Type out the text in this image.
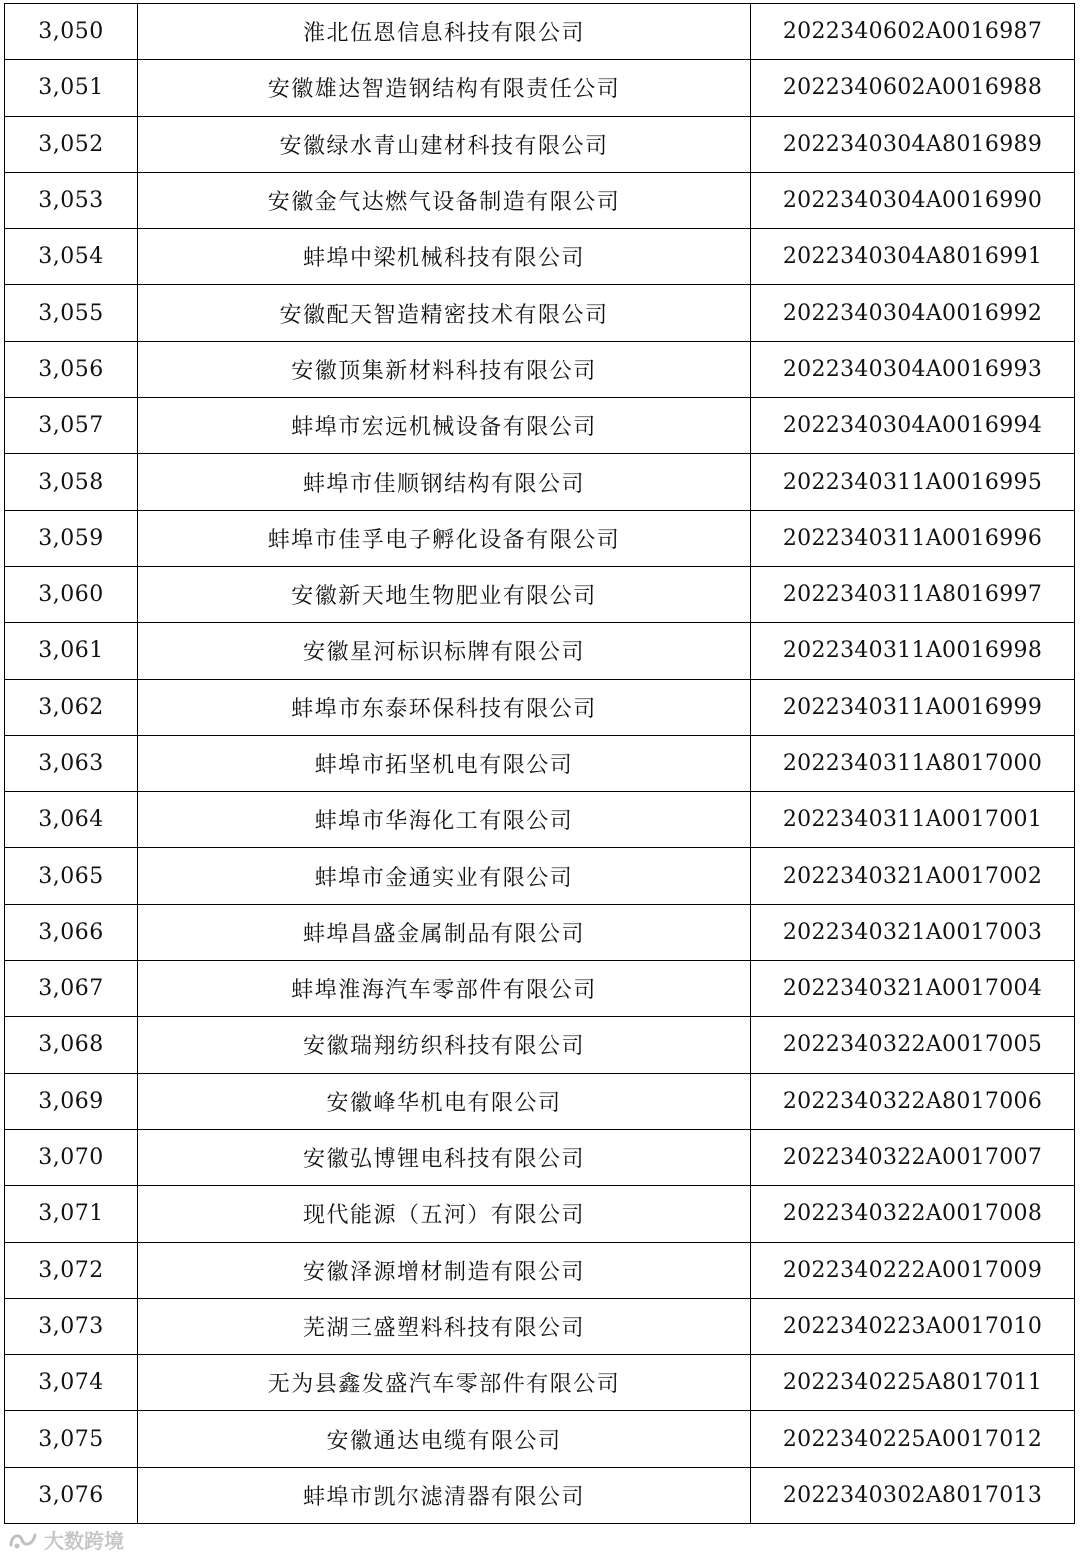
3,050	淮北伍恩信息科技有限公司	2022340602A0016987
3,051	安徽雄达智造钢结构有限责任公司	2022340602A0016988
3,052	安徽绿水青山建材科技有限公司	2022340304A8016989
3,053	安徽金气达燃气设备制造有限公司	2022340304A0016990
3,054	蚌埠中梁机械科技有限公司	2022340304A8016991
3,055	安徽配天智造精密技术有限公司	2022340304A0016992
3,056	安徽顶集新材料科技有限公司	2022340304A0016993
3,057	蚌埠市宏远机械设备有限公司	2022340304A0016994
3,058	蚌埠市佳顺钢结构有限公司	2022340311A0016995
3,059	蚌埠市佳孚电子孵化设备有限公司	2022340311A0016996
3,060	安徽新天地生物肥业有限公司	2022340311A8016997
3,061	安徽星河标识标牌有限公司	2022340311A0016998
3,062	蚌埠市东泰环保科技有限公司	2022340311A0016999
3,063	蚌埠市拓坚机电有限公司	2022340311A8017000
3,064	蚌埠市华海化工有限公司	2022340311A0017001
3,065	蚌埠市金通实业有限公司	2022340321A0017002
3,066	蚌埠昌盛金属制品有限公司	2022340321A0017003
3,067	蚌埠淮海汽车零部件有限公司	2022340321A0017004
3,068	安徽瑞翔纺织科技有限公司	2022340322A0017005
3,069	安徽峰华机电有限公司	2022340322A8017006
3,070	安徽弘博锂电科技有限公司	2022340322A0017007
3,071	现代能源（五河）有限公司	2022340322A0017008
3,072	安徽泽源增材制造有限公司	2022340222A0017009
3,073	芜湖三盛塑料科技有限公司	2022340223A0017010
3,074	无为县鑫发盛汽车零部件有限公司	2022340225A8017011
3,075	安徽通达电缆有限公司	2022340225A0017012
3,076	蚌埠市凯尔滤清器有限公司	2022340302A8017013
大数跨境
